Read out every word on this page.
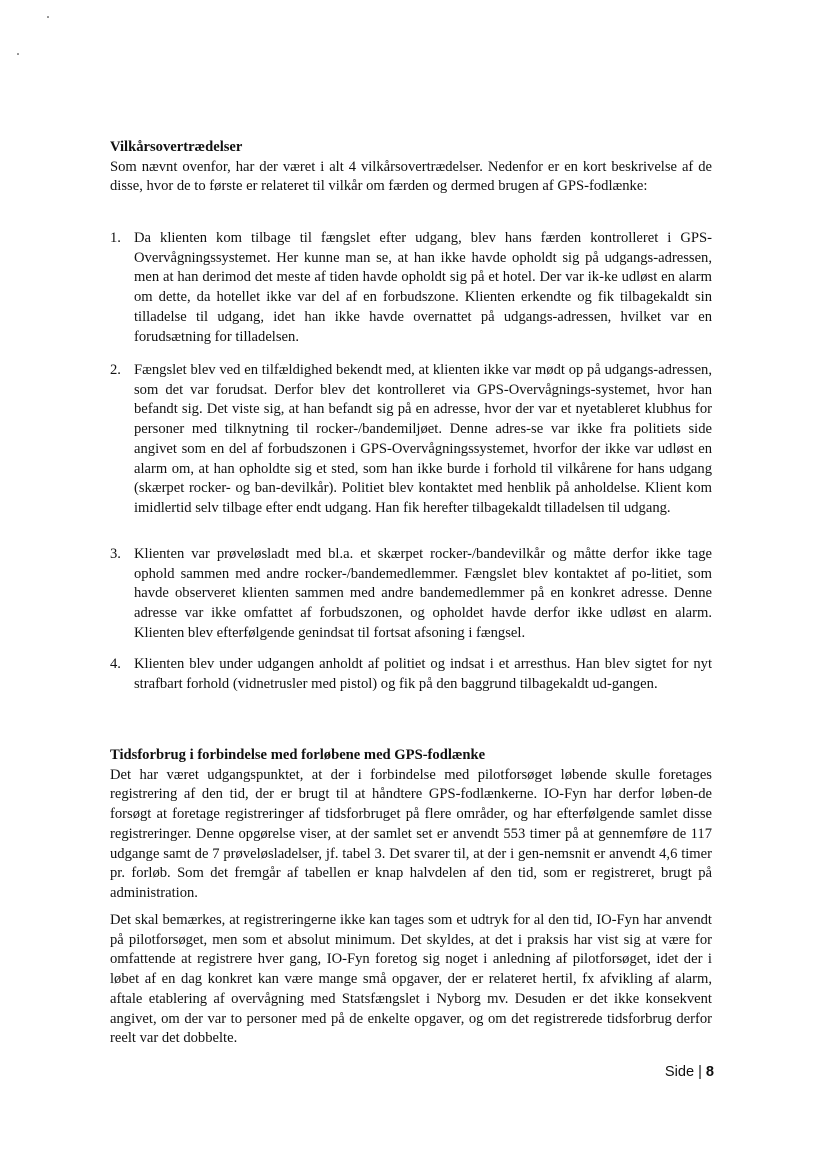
Vilkårsovertrædelser
Som nævnt ovenfor, har der været i alt 4 vilkårsovertrædelser. Nedenfor er en kort beskrivelse af de disse, hvor de to første er relateret til vilkår om færden og dermed brugen af GPS-fodlænke:
1. Da klienten kom tilbage til fængslet efter udgang, blev hans færden kontrolleret i GPS-Overvågningssystemet. Her kunne man se, at han ikke havde opholdt sig på udgangs-adressen, men at han derimod det meste af tiden havde opholdt sig på et hotel. Der var ik-ke udløst en alarm om dette, da hotellet ikke var del af en forbudszone. Klienten erkendte og fik tilbagekaldt sin tilladelse til udgang, idet han ikke havde overnattet på udgangs-adressen, hvilket var en forudsætning for tilladelsen.
2. Fængslet blev ved en tilfældighed bekendt med, at klienten ikke var mødt op på udgangs-adressen, som det var forudsat. Derfor blev det kontrolleret via GPS-Overvågnings-systemet, hvor han befandt sig. Det viste sig, at han befandt sig på en adresse, hvor der var et nyetableret klubhus for personer med tilknytning til rocker-/bandemiljøet. Denne adres-se var ikke fra politiets side angivet som en del af forbudszonen i GPS-Overvågningssystemet, hvorfor der ikke var udløst en alarm om, at han opholdte sig et sted, som han ikke burde i forhold til vilkårene for hans udgang (skærpet rocker- og ban-devilkår). Politiet blev kontaktet med henblik på anholdelse. Klient kom imidlertid selv tilbage efter endt udgang. Han fik herefter tilbagekaldt tilladelsen til udgang.
3. Klienten var prøveløsladt med bl.a. et skærpet rocker-/bandevilkår og måtte derfor ikke tage ophold sammen med andre rocker-/bandemedlemmer. Fængslet blev kontaktet af po-litiet, som havde observeret klienten sammen med andre bandemedlemmer på en konkret adresse. Denne adresse var ikke omfattet af forbudszonen, og opholdet havde derfor ikke udløst en alarm. Klienten blev efterfølgende genindsat til fortsat afsoning i fængsel.
4. Klienten blev under udgangen anholdt af politiet og indsat i et arresthus. Han blev sigtet for nyt strafbart forhold (vidnetrusler med pistol) og fik på den baggrund tilbagekaldt ud-gangen.
Tidsforbrug i forbindelse med forløbene med GPS-fodlænke
Det har været udgangspunktet, at der i forbindelse med pilotforsøget løbende skulle foretages registrering af den tid, der er brugt til at håndtere GPS-fodlænkerne. IO-Fyn har derfor løben-de forsøgt at foretage registreringer af tidsforbruget på flere områder, og har efterfølgende samlet disse registreringer. Denne opgørelse viser, at der samlet set er anvendt 553 timer på at gennemføre de 117 udgange samt de 7 prøveløsladelser, jf. tabel 3. Det svarer til, at der i gen-nemsnit er anvendt 4,6 timer pr. forløb. Som det fremgår af tabellen er knap halvdelen af den tid, som er registreret, brugt på administration.
Det skal bemærkes, at registreringerne ikke kan tages som et udtryk for al den tid, IO-Fyn har anvendt på pilotforsøget, men som et absolut minimum. Det skyldes, at det i praksis har vist sig at være for omfattende at registrere hver gang, IO-Fyn foretog sig noget i anledning af pilotforsøget, idet der i løbet af en dag konkret kan være mange små opgaver, der er relateret hertil, fx afvikling af alarm, aftale etablering af overvågning med Statsfængslet i Nyborg mv. Desuden er det ikke konsekvent angivet, om der var to personer med på de enkelte opgaver, og om det registrerede tidsforbrug derfor reelt var det dobbelte.
Side | 8
